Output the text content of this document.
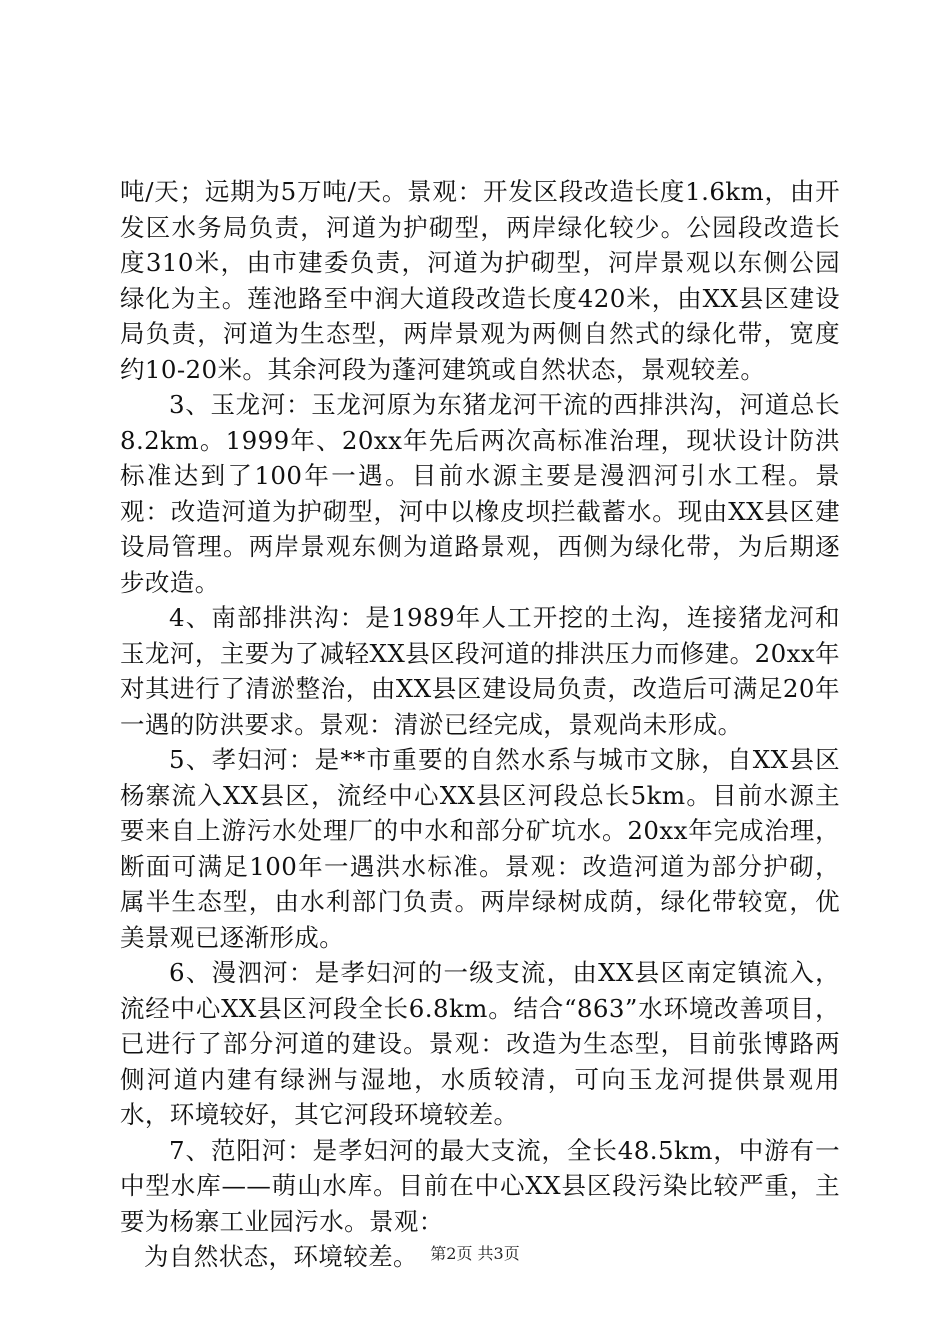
吨/天；远期为5万吨/天。景观：开发区段改造长度1.6km，由开发区水务局负责，河道为护砌型，两岸绿化较少。公园段改造长度310米，由市建委负责，河道为护砌型，河岸景观以东侧公园绿化为主。莲池路至中润大道段改造长度420米，由XX县区建设局负责，河道为生态型，两岸景观为两侧自然式的绿化带，宽度约10-20米。其余河段为蓬河建筑或自然状态，景观较差。

3、玉龙河：玉龙河原为东猪龙河干流的西排洪沟，河道总长8.2km。1999年、20xx年先后两次高标准治理，现状设计防洪标准达到了100年一遇。目前水源主要是漫泗河引水工程。景观：改造河道为护砌型，河中以橡皮坝拦截蓄水。现由XX县区建设局管理。两岸景观东侧为道路景观，西侧为绿化带，为后期逐步改造。

4、南部排洪沟：是1989年人工开挖的土沟，连接猪龙河和玉龙河，主要为了减轻XX县区段河道的排洪压力而修建。20xx年对其进行了清淤整治，由XX县区建设局负责，改造后可满足20年一遇的防洪要求。景观：清淤已经完成，景观尚未形成。

5、孝妇河：是**市重要的自然水系与城市文脉，自XX县区杨寨流入XX县区，流经中心XX县区河段总长5km。目前水源主要来自上游污水处理厂的中水和部分矿坑水。20xx年完成治理，断面可满足100年一遇洪水标准。景观：改造河道为部分护砌，属半生态型，由水利部门负责。两岸绿树成荫，绿化带较宽，优美景观已逐渐形成。

6、漫泗河：是孝妇河的一级支流，由XX县区南定镇流入，流经中心XX县区河段全长6.8km。结合“863”水环境改善项目，已进行了部分河道的建设。景观：改造为生态型，目前张博路两侧河道内建有绿洲与湿地，水质较清，可向玉龙河提供景观用水，环境较好，其它河段环境较差。

7、范阳河：是孝妇河的最大支流，全长48.5km，中游有一中型水库——萌山水库。目前在中心XX县区段污染比较严重，主要为杨寨工业园污水。景观：

为自然状态，环境较差。 第2页 共3页
